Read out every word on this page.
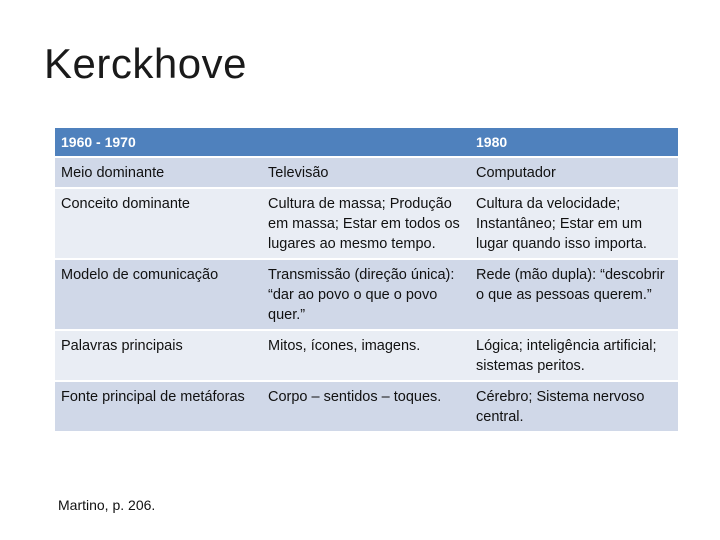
Kerckhove
1960 - 1970		1980
Meio dominante	Televisão	Computador
Conceito dominante	Cultura de massa; Produção em massa; Estar em todos os lugares ao mesmo tempo.	Cultura da velocidade; Instantâneo; Estar em um lugar quando isso importa.
Modelo de comunicação	Transmissão (direção única): “dar ao povo o que o povo quer.”	Rede (mão dupla): “descobrir o que as pessoas querem.”
Palavras principais	Mitos, ícones, imagens.	Lógica; inteligência artificial; sistemas peritos.
Fonte principal de metáforas	Corpo – sentidos – toques.	Cérebro; Sistema nervoso central.
Martino, p. 206.
